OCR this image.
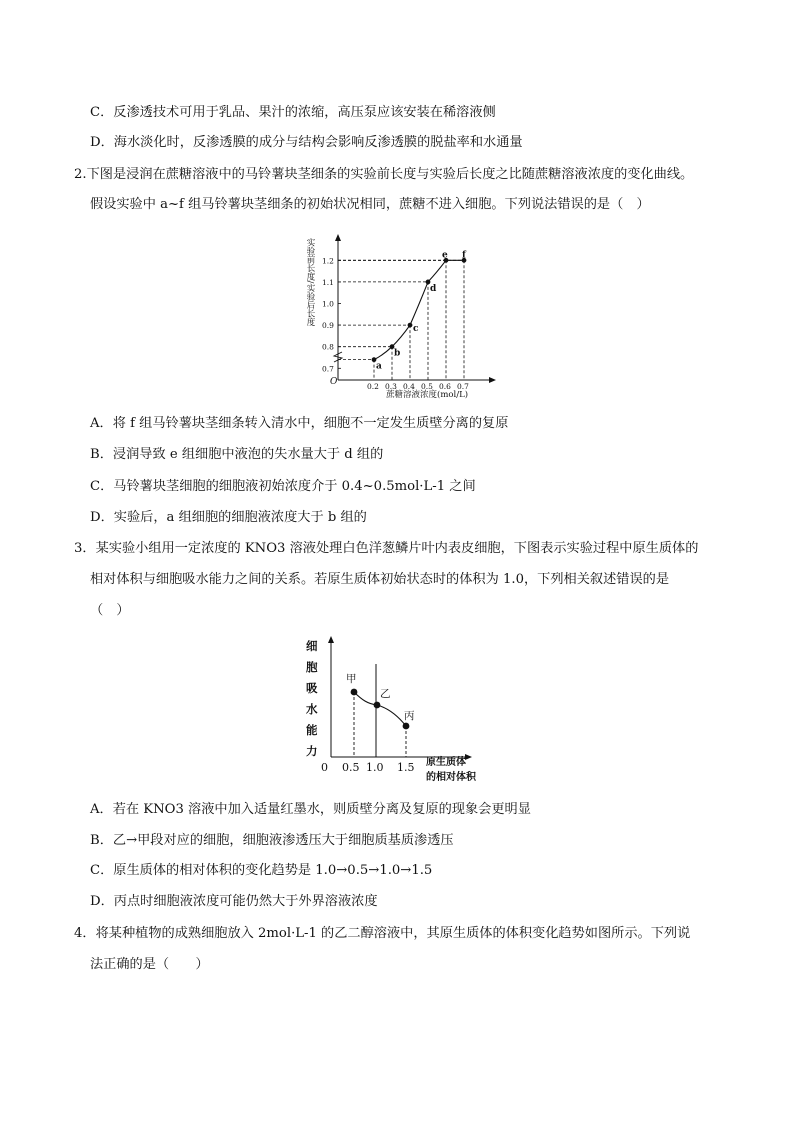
C．反渗透技术可用于乳品、果汁的浓缩，高压泵应该安装在稀溶液侧
D．海水淡化时，反渗透膜的成分与结构会影响反渗透膜的脱盐率和水通量
2.下图是浸润在蔗糖溶液中的马铃薯块茎细条的实验前长度与实验后长度之比随蔗糖溶液浓度的变化曲线。
假设实验中 a~f 组马铃薯块茎细条的初始状况相同，蔗糖不进入细胞。下列说法错误的是（　）
a
b
c
d
e f
0.2 0.3 0.4 0.5 0.6 0.7
0.7
0.8
0.9
1.0
1.1
1.2
O
蔗糖溶液浓度(mol/L)
实验前长度/实验后长度
A．将 f 组马铃薯块茎细条转入清水中，细胞不一定发生质壁分离的复原
B．浸润导致 e 组细胞中液泡的失水量大于 d 组的
C．马铃薯块茎细胞的细胞液初始浓度介于 0.4~0.5mol·L-1 之间
D．实验后，a 组细胞的细胞液浓度大于 b 组的
3．某实验小组用一定浓度的 KNO3 溶液处理白色洋葱鳞片叶内表皮细胞，下图表示实验过程中原生质体的
相对体积与细胞吸水能力之间的关系。若原生质体初始状态时的体积为 1.0，下列相关叙述错误的是
（　）
细
胞
吸
水
能
力
甲
乙
丙
0 0.5 1.0 1.5 原生质体
的相对体积
A．若在 KNO3 溶液中加入适量红墨水，则质壁分离及复原的现象会更明显
B．乙→甲段对应的细胞，细胞液渗透压大于细胞质基质渗透压
C．原生质体的相对体积的变化趋势是 1.0→0.5→1.0→1.5
D．丙点时细胞液浓度可能仍然大于外界溶液浓度
4．将某种植物的成熟细胞放入 2mol·L-1 的乙二醇溶液中，其原生质体的体积变化趋势如图所示。下列说
法正确的是（　　）
